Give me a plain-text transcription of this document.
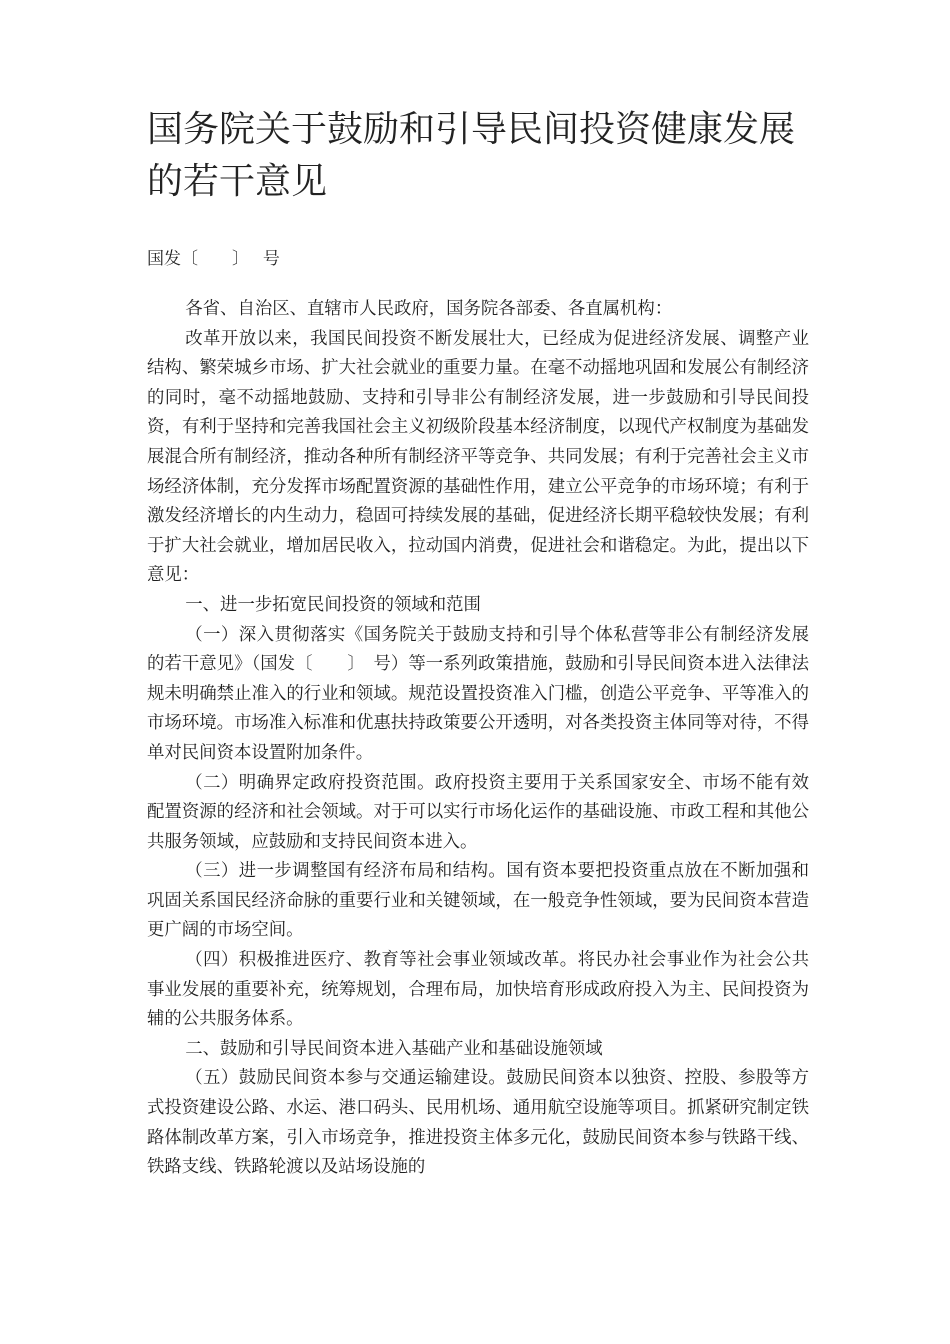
国务院关于鼓励和引导民间投资健康发展的若干意见

国发〔　　〕　 号

各省、自治区、直辖市人民政府，国务院各部委、各直属机构：

改革开放以来，我国民间投资不断发展壮大，已经成为促进经济发展、调整产业结构、繁荣城乡市场、扩大社会就业的重要力量。在毫不动摇地巩固和发展公有制经济的同时，毫不动摇地鼓励、支持和引导非公有制经济发展，进一步鼓励和引导民间投资，有利于坚持和完善我国社会主义初级阶段基本经济制度，以现代产权制度为基础发展混合所有制经济，推动各种所有制经济平等竞争、共同发展；有利于完善社会主义市场经济体制，充分发挥市场配置资源的基础性作用，建立公平竞争的市场环境；有利于激发经济增长的内生动力，稳固可持续发展的基础，促进经济长期平稳较快发展；有利于扩大社会就业，增加居民收入，拉动国内消费，促进社会和谐稳定。为此，提出以下意见：

一、进一步拓宽民间投资的领域和范围

（一）深入贯彻落实《国务院关于鼓励支持和引导个体私营等非公有制经济发展的若干意见》（国发〔　　〕　号）等一系列政策措施，鼓励和引导民间资本进入法律法规未明确禁止准入的行业和领域。规范设置投资准入门槛，创造公平竞争、平等准入的市场环境。市场准入标准和优惠扶持政策要公开透明，对各类投资主体同等对待，不得单对民间资本设置附加条件。

（二）明确界定政府投资范围。政府投资主要用于关系国家安全、市场不能有效配置资源的经济和社会领域。对于可以实行市场化运作的基础设施、市政工程和其他公共服务领域，应鼓励和支持民间资本进入。

（三）进一步调整国有经济布局和结构。国有资本要把投资重点放在不断加强和巩固关系国民经济命脉的重要行业和关键领域，在一般竞争性领域，要为民间资本营造更广阔的市场空间。

（四）积极推进医疗、教育等社会事业领域改革。将民办社会事业作为社会公共事业发展的重要补充，统筹规划，合理布局，加快培育形成政府投入为主、民间投资为辅的公共服务体系。

二、鼓励和引导民间资本进入基础产业和基础设施领域

（五）鼓励民间资本参与交通运输建设。鼓励民间资本以独资、控股、参股等方式投资建设公路、水运、港口码头、民用机场、通用航空设施等项目。抓紧研究制定铁路体制改革方案，引入市场竞争，推进投资主体多元化，鼓励民间资本参与铁路干线、铁路支线、铁路轮渡以及站场设施的
